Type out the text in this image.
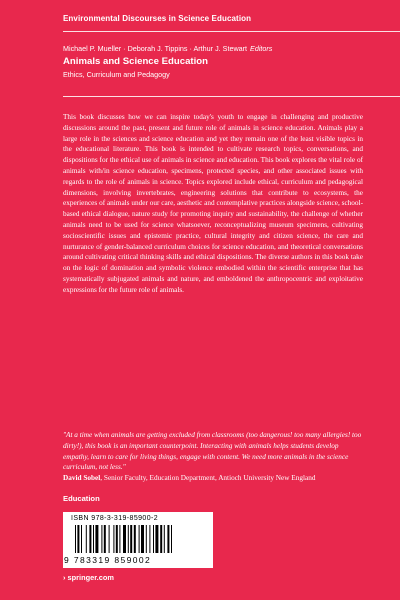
Environmental Discourses in Science Education
Michael P. Mueller · Deborah J. Tippins · Arthur J. Stewart Editors
Animals and Science Education
Ethics, Curriculum and Pedagogy

This book discusses how we can inspire today's youth to engage in challenging and productive discussions around the past, present and future role of animals in science education. Animals play a large role in the sciences and science education and yet they remain one of the least visible topics in the educational literature. This book is intended to cultivate research topics, conversations, and dispositions for the ethical use of animals in science and education. This book explores the vital role of animals with/in science education, specimens, protected species, and other associated issues with regards to the role of animals in science. Topics explored include ethical, curriculum and pedagogical dimensions, involving invertebrates, engineering solutions that contribute to ecosystems, the experiences of animals under our care, aesthetic and contemplative practices alongside science, school-based ethical dialogue, nature study for promoting inquiry and sustainability, the challenge of whether animals need to be used for science whatsoever, reconceptualizing museum specimens, cultivating socioscientific issues and epistemic practice, cultural integrity and citizen science, the care and nurturance of gender-balanced curriculum choices for science education, and theoretical conversations around cultivating critical thinking skills and ethical dispositions. The diverse authors in this book take on the logic of domination and symbolic violence embodied within the scientific enterprise that has systematically subjugated animals and nature, and emboldened the anthropocentric and exploitative expressions for the future role of animals.

"At a time when animals are getting excluded from classrooms (too dangerous! too many allergies! too dirty!), this book is an important counterpoint. Interacting with animals helps students develop empathy, learn to care for living things, engage with content. We need more animals in the science curriculum, not less."
David Sobel, Senior Faculty, Education Department, Antioch University New England
Education
ISBN 978-3-319-85900-2
9 783319 859002
› springer.com
